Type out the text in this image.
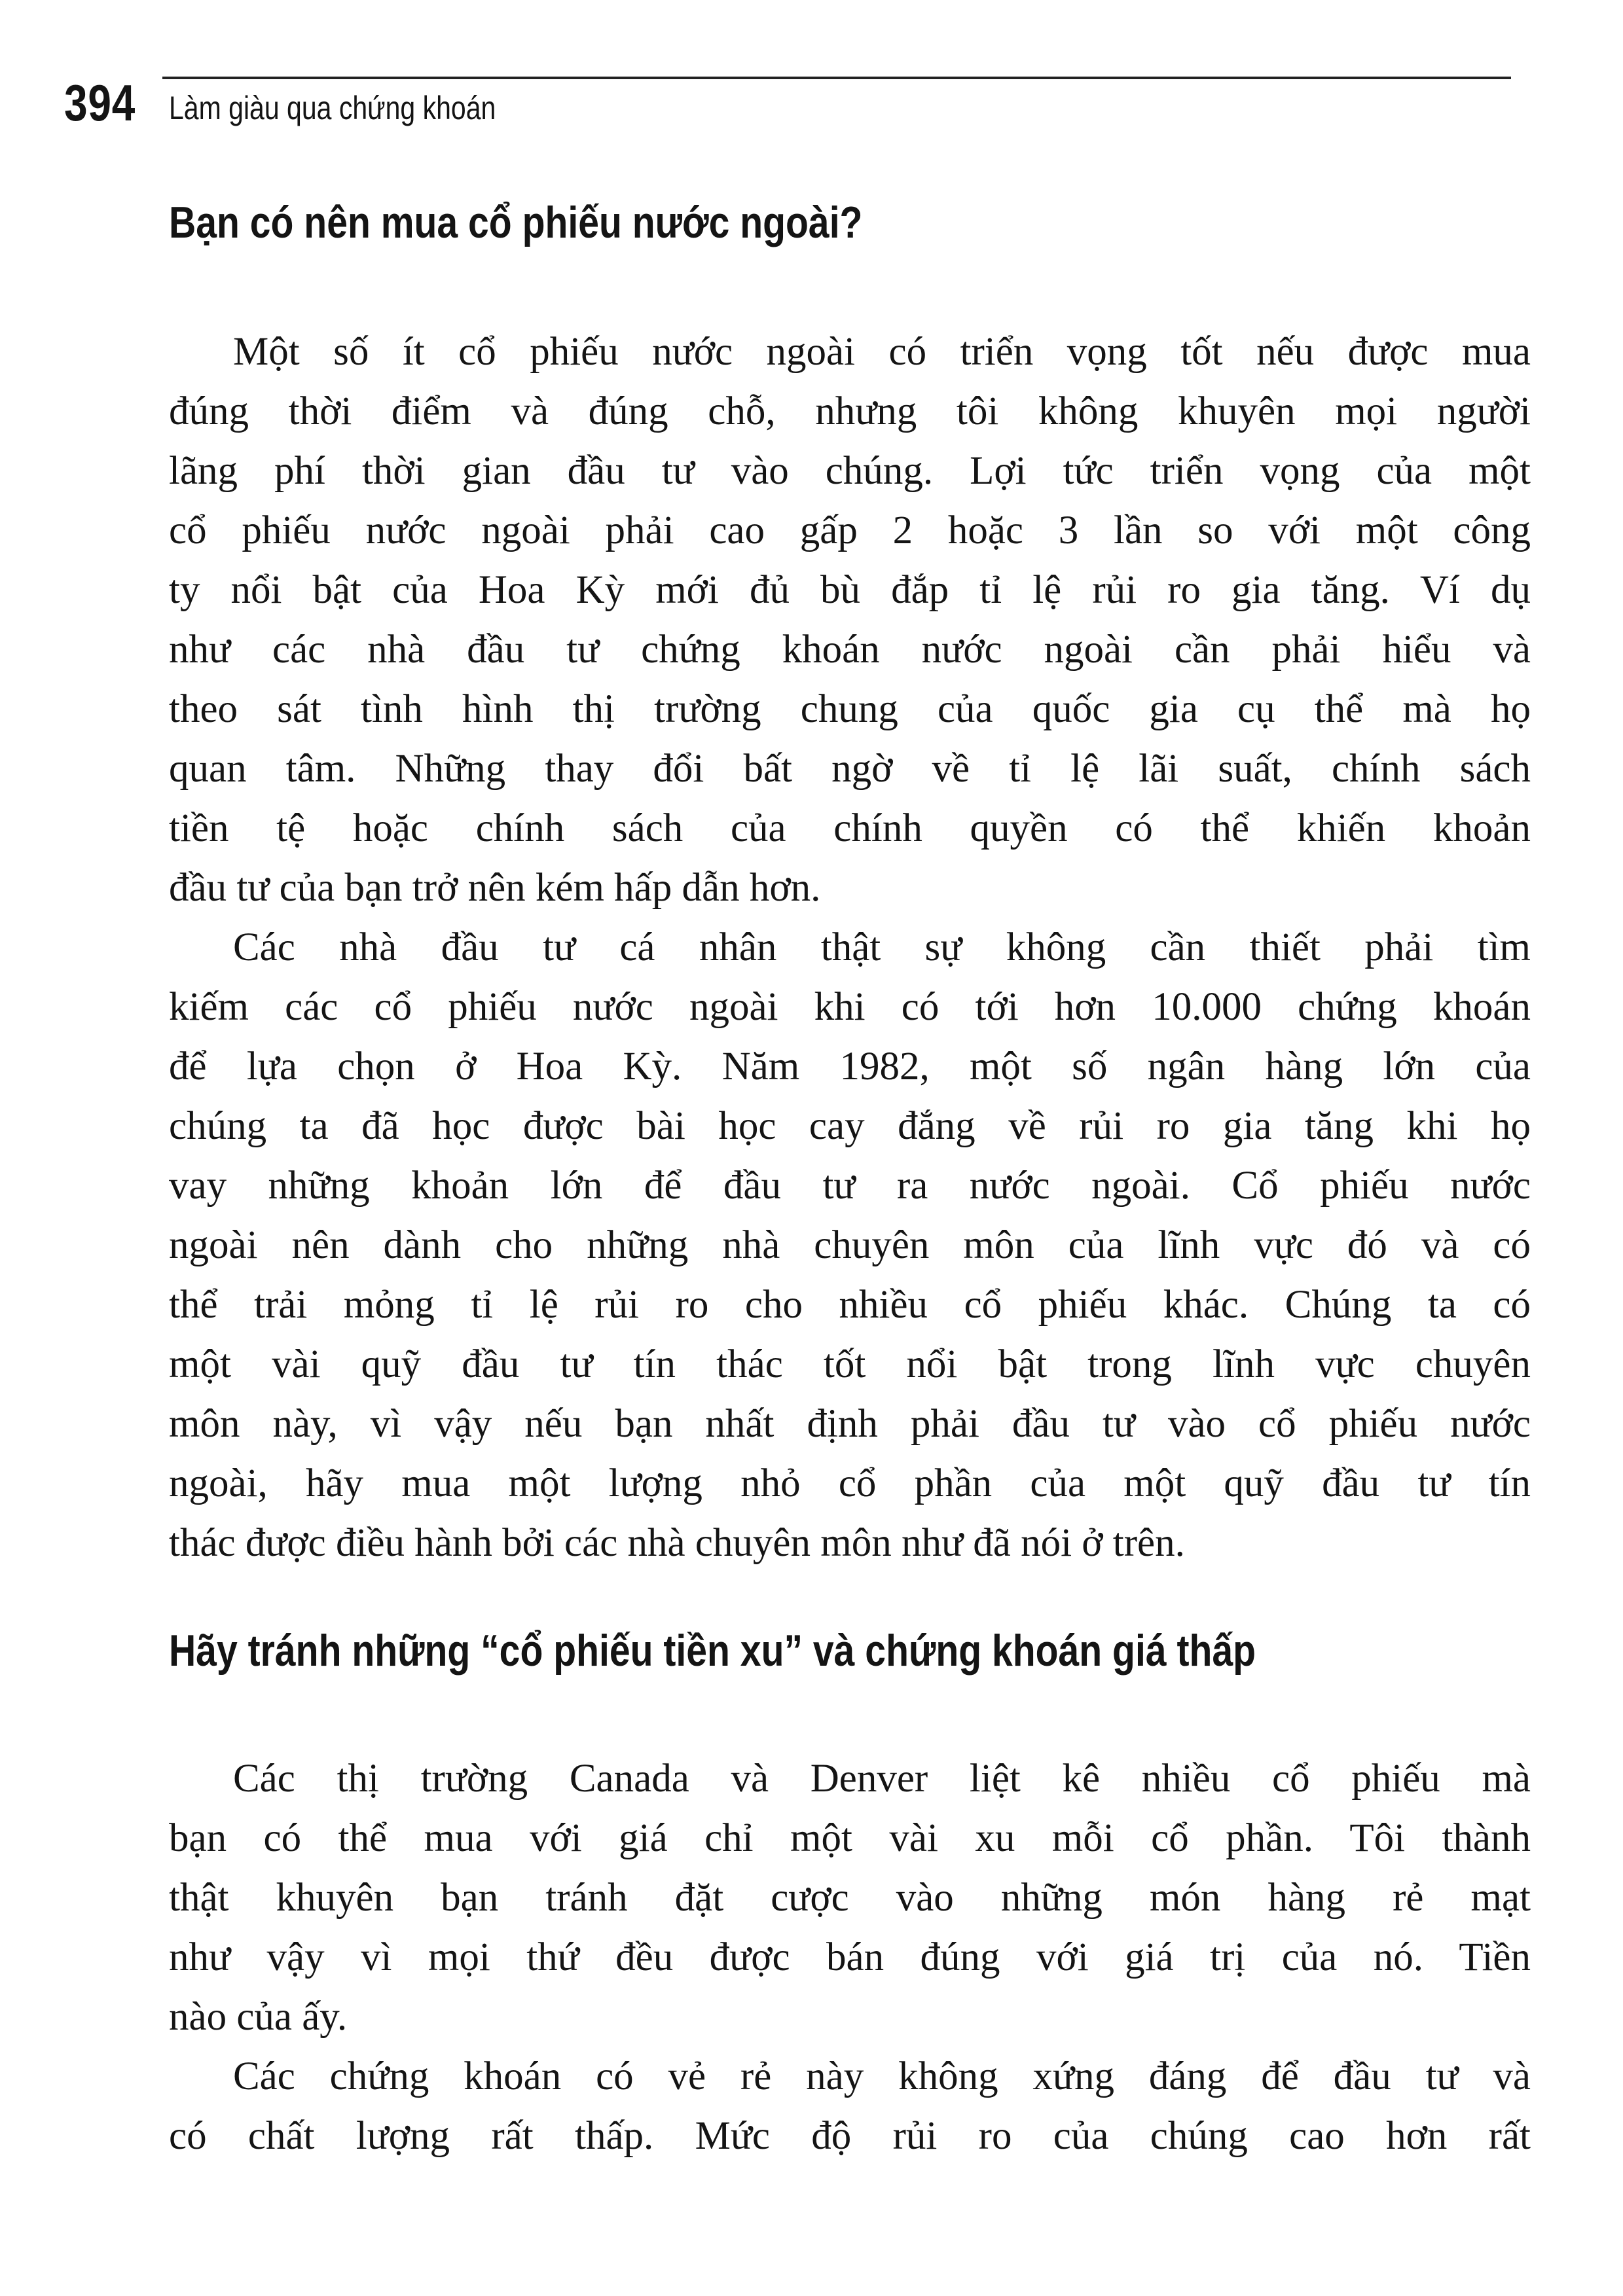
394 Làm giàu qua chứng khoán
Bạn có nên mua cổ phiếu nước ngoài?
Một số ít cổ phiếu nước ngoài có triển vọng tốt nếu được mua
đúng thời điểm và đúng chỗ, nhưng tôi không khuyên mọi người
lãng phí thời gian đầu tư vào chúng. Lợi tức triển vọng của một
cổ phiếu nước ngoài phải cao gấp 2 hoặc 3 lần so với một công
ty nổi bật của Hoa Kỳ mới đủ bù đắp tỉ lệ rủi ro gia tăng. Ví dụ
như các nhà đầu tư chứng khoán nước ngoài cần phải hiểu và
theo sát tình hình thị trường chung của quốc gia cụ thể mà họ
quan tâm. Những thay đổi bất ngờ về tỉ lệ lãi suất, chính sách
tiền tệ hoặc chính sách của chính quyền có thể khiến khoản
đầu tư của bạn trở nên kém hấp dẫn hơn.
Các nhà đầu tư cá nhân thật sự không cần thiết phải tìm
kiếm các cổ phiếu nước ngoài khi có tới hơn 10.000 chứng khoán
để lựa chọn ở Hoa Kỳ. Năm 1982, một số ngân hàng lớn của
chúng ta đã học được bài học cay đắng về rủi ro gia tăng khi họ
vay những khoản lớn để đầu tư ra nước ngoài. Cổ phiếu nước
ngoài nên dành cho những nhà chuyên môn của lĩnh vực đó và có
thể trải mỏng tỉ lệ rủi ro cho nhiều cổ phiếu khác. Chúng ta có
một vài quỹ đầu tư tín thác tốt nổi bật trong lĩnh vực chuyên
môn này, vì vậy nếu bạn nhất định phải đầu tư vào cổ phiếu nước
ngoài, hãy mua một lượng nhỏ cổ phần của một quỹ đầu tư tín
thác được điều hành bởi các nhà chuyên môn như đã nói ở trên.
Hãy tránh những “cổ phiếu tiền xu” và chứng khoán giá thấp
Các thị trường Canada và Denver liệt kê nhiều cổ phiếu mà
bạn có thể mua với giá chỉ một vài xu mỗi cổ phần. Tôi thành
thật khuyên bạn tránh đặt cược vào những món hàng rẻ mạt
như vậy vì mọi thứ đều được bán đúng với giá trị của nó. Tiền
nào của ấy.
Các chứng khoán có vẻ rẻ này không xứng đáng để đầu tư và
có chất lượng rất thấp. Mức độ rủi ro của chúng cao hơn rất
